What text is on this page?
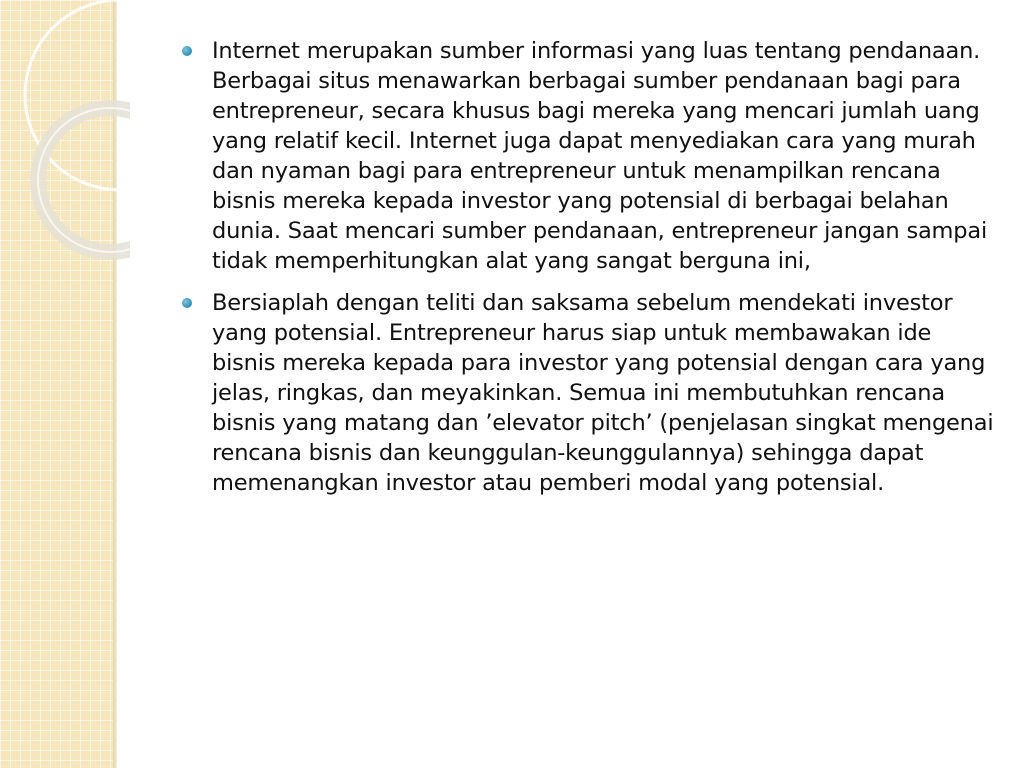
Internet merupakan sumber informasi yang luas tentang pendanaan. Berbagai situs menawarkan berbagai sumber pendanaan bagi para entrepreneur, secara khusus bagi mereka yang mencari jumlah uang yang relatif kecil. Internet juga dapat menyediakan cara yang murah dan nyaman bagi para entrepreneur untuk menampilkan rencana bisnis mereka kepada investor yang potensial di berbagai belahan dunia. Saat mencari sumber pendanaan, entrepreneur jangan sampai tidak memperhitungkan alat yang sangat berguna ini,
Bersiaplah dengan teliti dan saksama sebelum mendekati investor yang potensial. Entrepreneur harus siap untuk membawakan ide bisnis mereka kepada para investor yang potensial dengan cara yang jelas, ringkas, dan meyakinkan. Semua ini membutuhkan rencana bisnis yang matang dan ’elevator pitch’ (penjelasan singkat mengenai rencana bisnis dan keunggulan-keunggulannya) sehingga dapat memenangkan investor atau pemberi modal yang potensial.
